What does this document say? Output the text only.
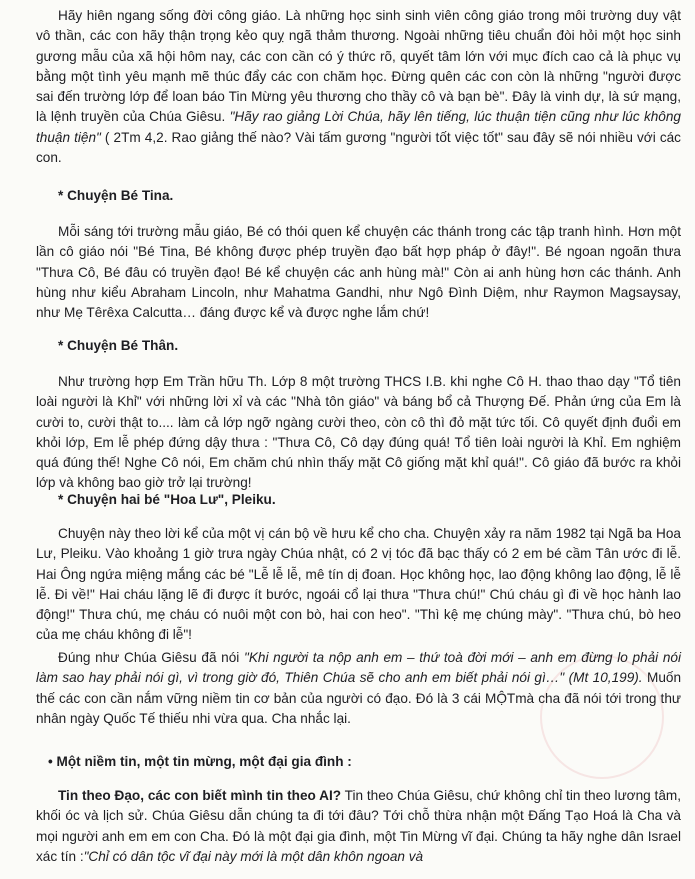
Hãy hiên ngang sống đời công giáo. Là những học sinh sinh viên công giáo trong môi trường duy vật vô thần, các con hãy thận trọng kẻo quỵ ngã thảm thương. Ngoài những tiêu chuẩn đòi hỏi một học sinh gương mẫu của xã hội hôm nay, các con cần có ý thức rõ, quyết tâm lớn với mục đích cao cả là phục vụ bằng một tình yêu mạnh mẽ thúc đẩy các con chăm học. Đừng quên các con còn là những "người được sai đến trường lớp để loan báo Tin Mừng yêu thương cho thầy cô và bạn bè". Đây là vinh dự, là sứ mạng, là lệnh truyền của Chúa Giêsu. "Hãy rao giảng Lời Chúa, hãy lên tiếng, lúc thuận tiện cũng như lúc không thuận tiện" ( 2Tm 4,2. Rao giảng thế nào? Vài tấm gương "người tốt việc tốt" sau đây sẽ nói nhiều với các con.

* Chuyện Bé Tina.

Mỗi sáng tới trường mẫu giáo, Bé có thói quen kể chuyện các thánh trong các tập tranh hình. Hơn một lần cô giáo nói "Bé Tina, Bé không được phép truyền đạo bất hợp pháp ở đây!". Bé ngoan ngoãn thưa "Thưa Cô, Bé đâu có truyền đạo! Bé kể chuyện các anh hùng mà!" Còn ai anh hùng hơn các thánh. Anh hùng như kiểu Abraham Lincoln, như Mahatma Gandhi, như Ngô Đình Diệm, như Raymon Magsaysay, như Mẹ Têrêxa Calcutta… đáng được kể và được nghe lắm chứ!

* Chuyện Bé Thân.

Như trường hợp Em Trần hữu Th. Lớp 8 một trường THCS I.B. khi nghe Cô H. thao thao dạy "Tổ tiên loài người là Khỉ" với những lời xỉ và các "Nhà tôn giáo" và báng bổ cả Thượng Đế. Phản ứng của Em là cười to, cười thật to.... làm cả lớp ngỡ ngàng cười theo, còn cô thì đỏ mặt tức tối. Cô quyết định đuổi em khỏi lớp, Em lễ phép đứng dậy thưa : "Thưa Cô, Cô dạy đúng quá! Tổ tiên loài người là Khỉ. Em nghiệm quá đúng thế! Nghe Cô nói, Em chăm chú nhìn thấy mặt Cô giống mặt khỉ quá!". Cô giáo đã bước ra khỏi lớp và không bao giờ trở lại trường!

* Chuyện hai bé "Hoa Lư", Pleiku.

Chuyện này theo lời kể của một vị cán bộ về hưu kể cho cha. Chuyện xảy ra năm 1982 tại Ngã ba Hoa Lư, Pleiku. Vào khoảng 1 giờ trưa ngày Chúa nhật, có 2 vị tóc đã bạc thấy có 2 em bé cầm Tân ước đi lễ. Hai Ông ngứa miệng mắng các bé "Lễ lễ lễ, mê tín dị đoan. Học không học, lao động không lao động, lễ lễ lễ. Đi về!" Hai cháu lặng lẽ đi được ít bước, ngoái cổ lại thưa "Thưa chú!" Chú cháu gì đi về học hành lao động!" Thưa chú, mẹ cháu có nuôi một con bò, hai con heo". "Thì kệ mẹ chúng mày". "Thưa chú, bò heo của mẹ cháu không đi lễ"!

Đúng như Chúa Giêsu đã nói "Khi người ta nộp anh em – thứ toà đời mới – anh em đừng lo phải nói làm sao hay phải nói gì, vì trong giờ đó, Thiên Chúa sẽ cho anh em biết phải nói gì…" (Mt 10,199). Muốn thế các con cần nắm vững niềm tin cơ bản của người có đạo. Đó là 3 cái MỘTmà cha đã nói tới trong thư nhân ngày Quốc Tế thiếu nhi vừa qua. Cha nhắc lại.

• Một niềm tin, một tin mừng, một đại gia đình :

Tin theo Đạo, các con biết mình tin theo AI? Tin theo Chúa Giêsu, chứ không chỉ tin theo lương tâm, khối óc và lịch sử. Chúa Giêsu dẫn chúng ta đi tới đâu? Tới chỗ thừa nhận một Đấng Tạo Hoá là Cha và mọi người anh em em con Cha. Đó là một đại gia đình, một Tin Mừng vĩ đại. Chúng ta hãy nghe dân Israel xác tín :"Chỉ có dân tộc vĩ đại này mới là một dân khôn ngoan và
